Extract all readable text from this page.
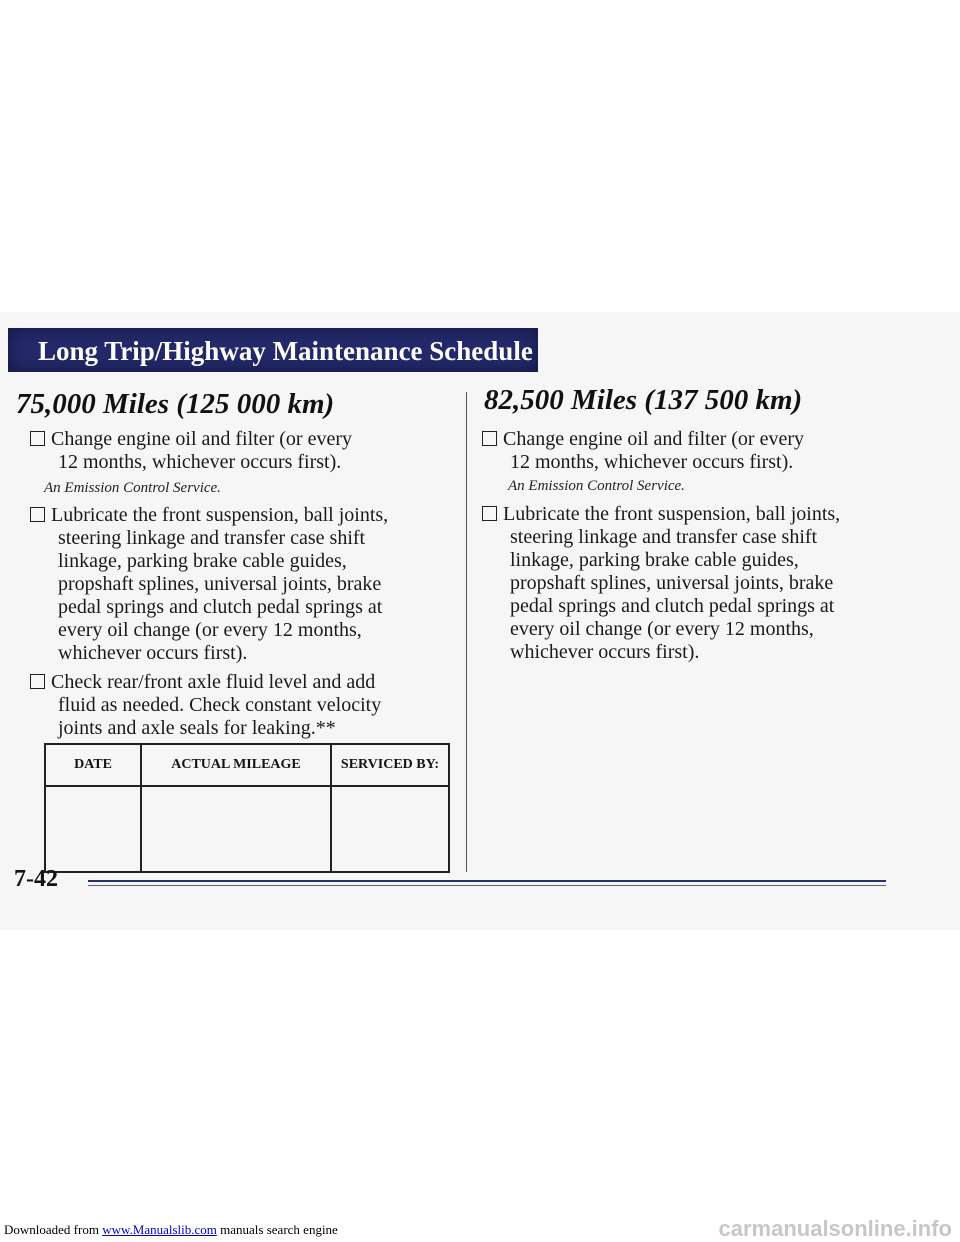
Long Trip/Highway Maintenance Schedule
75,000 Miles (125 000 km)
Change engine oil and filter (or every
12 months, whichever occurs first).
An Emission Control Service.
Lubricate the front suspension, ball joints,
steering linkage and transfer case shift
linkage, parking brake cable guides,
propshaft splines, universal joints, brake
pedal springs and clutch pedal springs at
every oil change (or every 12 months,
whichever occurs first).
Check rear/front axle fluid level and add
fluid as needed. Check constant velocity
joints and axle seals for leaking.**
DATE	ACTUAL MILEAGE	SERVICED BY:

82,500 Miles (137 500 km)
Change engine oil and filter (or every
12 months, whichever occurs first).
An Emission Control Service.
Lubricate the front suspension, ball joints,
steering linkage and transfer case shift
linkage, parking brake cable guides,
propshaft splines, universal joints, brake
pedal springs and clutch pedal springs at
every oil change (or every 12 months,
whichever occurs first).
7-42
Downloaded from www.Manualslib.com manuals search engine	carmanualsonline.info
